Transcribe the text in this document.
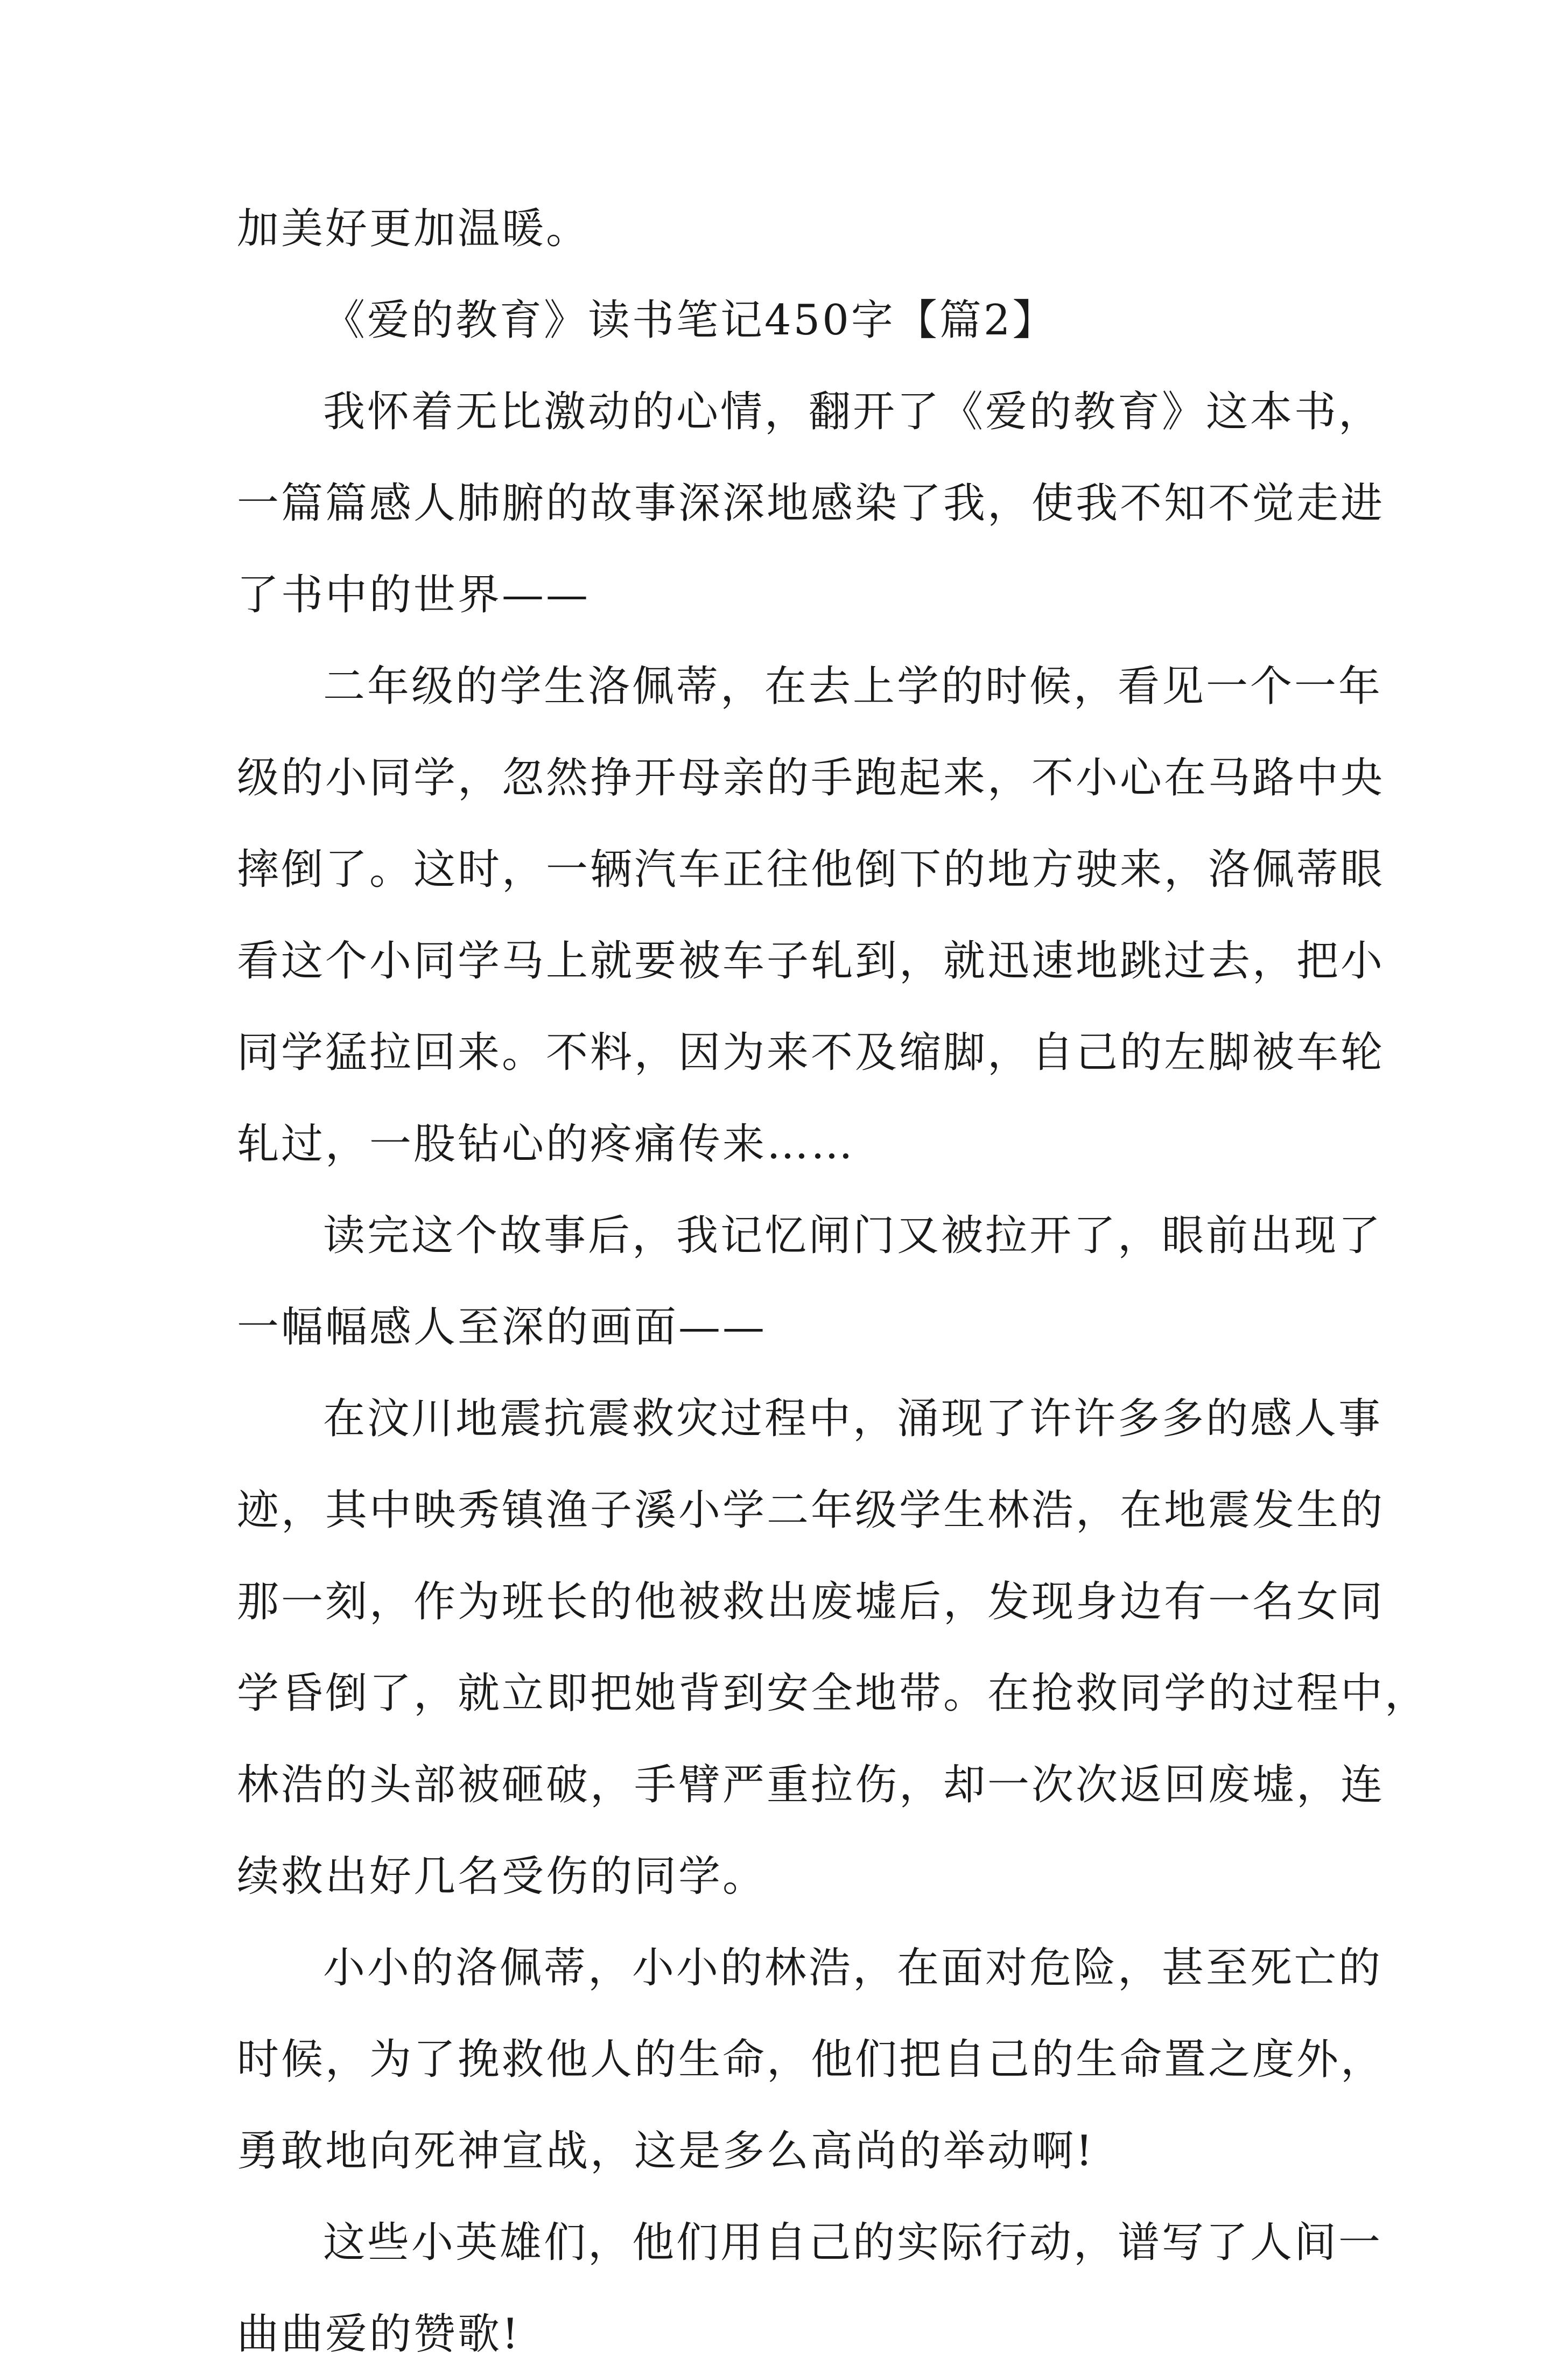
加美好更加温暖。
《爱的教育》读书笔记450字【篇2】
我怀着无比激动的心情，翻开了《爱的教育》这本书，
一篇篇感人肺腑的故事深深地感染了我，使我不知不觉走进
了书中的世界——
二年级的学生洛佩蒂，在去上学的时候，看见一个一年
级的小同学，忽然挣开母亲的手跑起来，不小心在马路中央
摔倒了。这时，一辆汽车正往他倒下的地方驶来，洛佩蒂眼
看这个小同学马上就要被车子轧到，就迅速地跳过去，把小
同学猛拉回来。不料，因为来不及缩脚，自己的左脚被车轮
轧过，一股钻心的疼痛传来……
读完这个故事后，我记忆闸门又被拉开了，眼前出现了
一幅幅感人至深的画面——
在汶川地震抗震救灾过程中，涌现了许许多多的感人事
迹，其中映秀镇渔子溪小学二年级学生林浩，在地震发生的
那一刻，作为班长的他被救出废墟后，发现身边有一名女同
学昏倒了，就立即把她背到安全地带。在抢救同学的过程中，
林浩的头部被砸破，手臂严重拉伤，却一次次返回废墟，连
续救出好几名受伤的同学。
小小的洛佩蒂，小小的林浩，在面对危险，甚至死亡的
时候，为了挽救他人的生命，他们把自己的生命置之度外，
勇敢地向死神宣战，这是多么高尚的举动啊!
这些小英雄们，他们用自己的实际行动，谱写了人间一
曲曲爱的赞歌!
